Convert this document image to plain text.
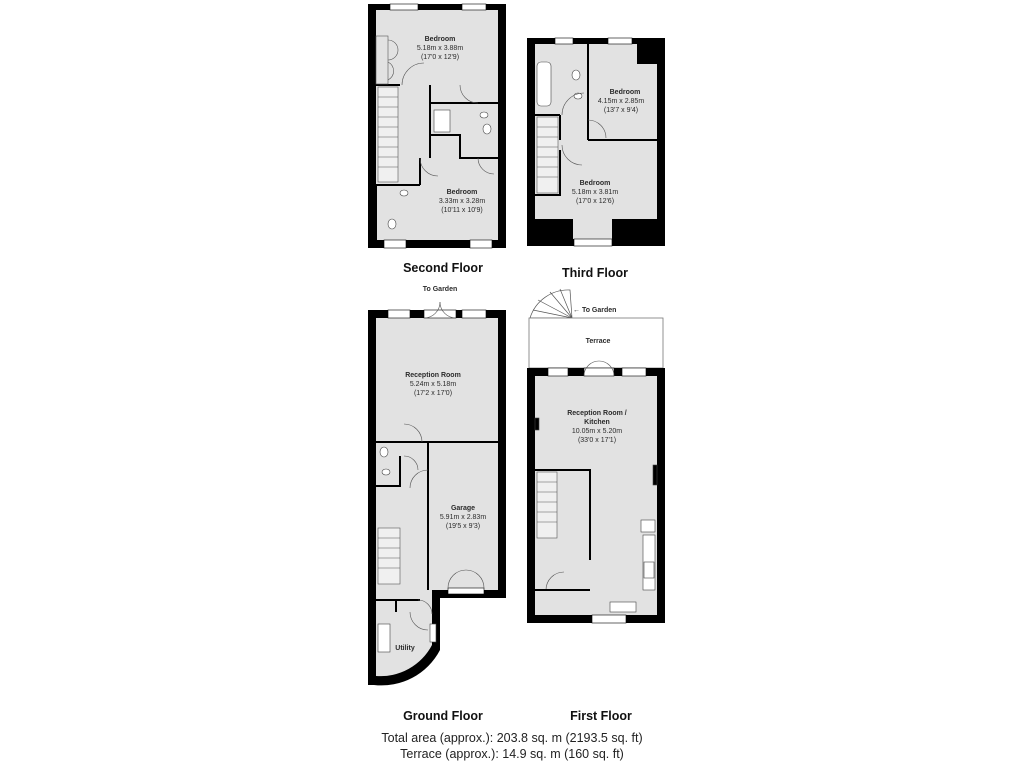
Bedroom
5.18m x 3.88m
(17'0 x 12'9)
Bedroom
3.33m x 3.28m
(10'11 x 10'9)
Second Floor
Bedroom
4.15m x 2.85m
(13'7 x 9'4)
Bedroom
5.18m x 3.81m
(17'0 x 12'6)
Third Floor
To Garden
Reception Room
5.24m x 5.18m
(17'2 x 17'0)
Garage
5.91m x 2.83m
(19'5 x 9'3)
Utility
Ground Floor
← To Garden
Terrace
Reception Room /
Kitchen
10.05m x 5.20m
(33'0 x 17'1)
First Floor
Total area (approx.): 203.8 sq. m (2193.5 sq. ft)
Terrace (approx.): 14.9 sq. m (160 sq. ft)
